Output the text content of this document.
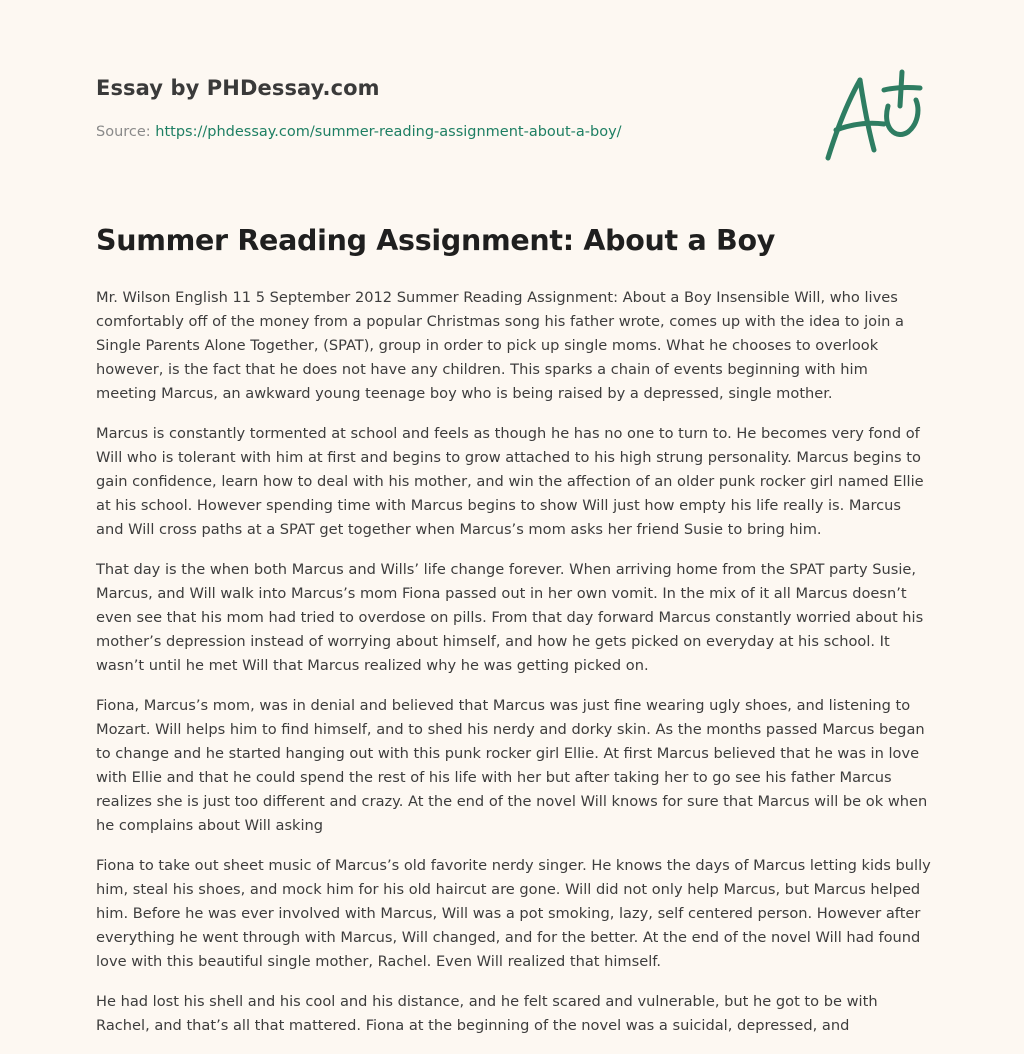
Essay by PHDessay.com
Source: https://phdessay.com/summer-reading-assignment-about-a-boy/
Summer Reading Assignment: About a Boy

Mr. Wilson English 11 5 September 2012 Summer Reading Assignment: About a Boy Insensible Will, who lives comfortably off of the money from a popular Christmas song his father wrote, comes up with the idea to join a Single Parents Alone Together, (SPAT), group in order to pick up single moms. What he chooses to overlook however, is the fact that he does not have any children. This sparks a chain of events beginning with him meeting Marcus, an awkward young teenage boy who is being raised by a depressed, single mother.

Marcus is constantly tormented at school and feels as though he has no one to turn to. He becomes very fond of Will who is tolerant with him at first and begins to grow attached to his high strung personality. Marcus begins to gain confidence, learn how to deal with his mother, and win the affection of an older punk rocker girl named Ellie at his school. However spending time with Marcus begins to show Will just how empty his life really is. Marcus and Will cross paths at a SPAT get together when Marcus’s mom asks her friend Susie to bring him.

That day is the when both Marcus and Wills’ life change forever. When arriving home from the SPAT party Susie, Marcus, and Will walk into Marcus’s mom Fiona passed out in her own vomit. In the mix of it all Marcus doesn’t even see that his mom had tried to overdose on pills. From that day forward Marcus constantly worried about his mother’s depression instead of worrying about himself, and how he gets picked on everyday at his school. It wasn’t until he met Will that Marcus realized why he was getting picked on.

Fiona, Marcus’s mom, was in denial and believed that Marcus was just fine wearing ugly shoes, and listening to Mozart. Will helps him to find himself, and to shed his nerdy and dorky skin. As the months passed Marcus began to change and he started hanging out with this punk rocker girl Ellie. At first Marcus believed that he was in love with Ellie and that he could spend the rest of his life with her but after taking her to go see his father Marcus realizes she is just too different and crazy. At the end of the novel Will knows for sure that Marcus will be ok when he complains about Will asking

Fiona to take out sheet music of Marcus’s old favorite nerdy singer. He knows the days of Marcus letting kids bully him, steal his shoes, and mock him for his old haircut are gone. Will did not only help Marcus, but Marcus helped him. Before he was ever involved with Marcus, Will was a pot smoking, lazy, self centered person. However after everything he went through with Marcus, Will changed, and for the better. At the end of the novel Will had found love with this beautiful single mother, Rachel. Even Will realized that himself.

He had lost his shell and his cool and his distance, and he felt scared and vulnerable, but he got to be with Rachel, and that’s all that mattered. Fiona at the beginning of the novel was a suicidal, depressed, and
